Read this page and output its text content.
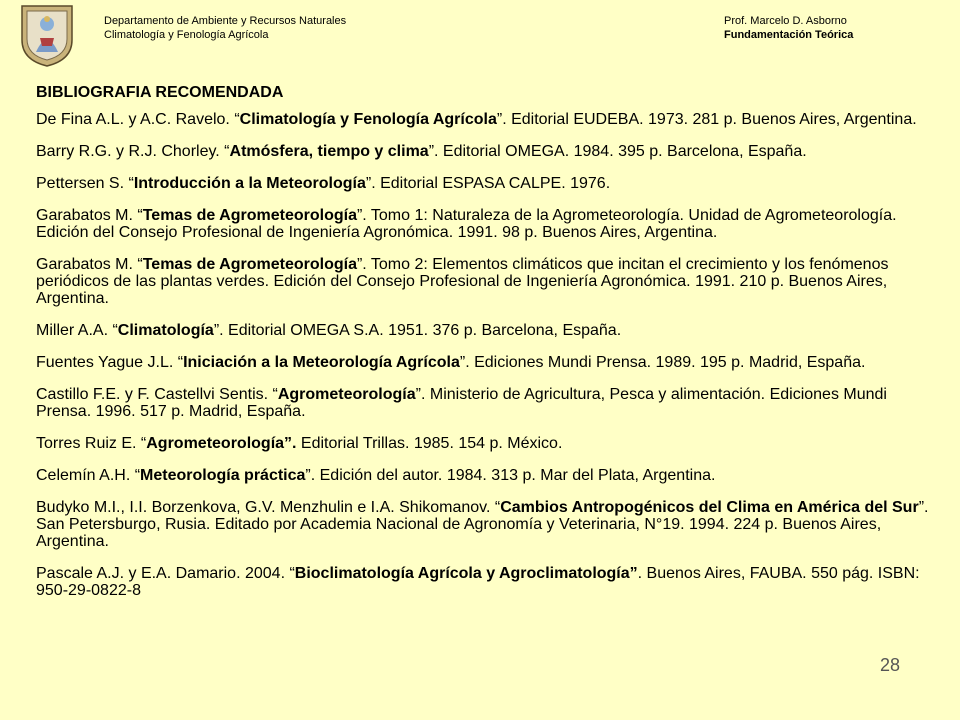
Departamento de Ambiente y Recursos Naturales
Climatología y Fenología Agrícola
Prof. Marcelo D. Asborno
Fundamentación Teórica
BIBLIOGRAFIA RECOMENDADA

De Fina A.L. y A.C. Ravelo. “Climatología y Fenología Agrícola”. Editorial EUDEBA. 1973. 281 p. Buenos Aires, Argentina.

Barry R.G. y R.J. Chorley. “Atmósfera, tiempo y clima”. Editorial OMEGA. 1984. 395 p. Barcelona, España.

Pettersen S. “Introducción a la Meteorología”. Editorial ESPASA CALPE. 1976.

Garabatos M. “Temas de Agrometeorología”. Tomo 1: Naturaleza de la Agrometeorología. Unidad de Agrometeorología. Edición del Consejo Profesional de Ingeniería Agronómica. 1991. 98 p. Buenos Aires, Argentina.

Garabatos M. “Temas de Agrometeorología”. Tomo 2: Elementos climáticos que incitan el crecimiento y los fenómenos periódicos de las plantas verdes. Edición del Consejo Profesional de Ingeniería Agronómica. 1991. 210 p. Buenos Aires, Argentina.

Miller A.A. “Climatología”. Editorial OMEGA S.A. 1951. 376 p. Barcelona, España.

Fuentes Yague J.L. “Iniciación a la Meteorología Agrícola”. Ediciones Mundi Prensa. 1989. 195 p. Madrid, España.

Castillo F.E. y F. Castellvi Sentis. “Agrometeorología”. Ministerio de Agricultura, Pesca y alimentación. Ediciones Mundi Prensa. 1996. 517 p. Madrid, España.

Torres Ruiz E. “Agrometeorología”. Editorial Trillas. 1985. 154 p. México.

Celemín A.H. “Meteorología práctica”. Edición del autor. 1984. 313 p. Mar del Plata, Argentina.

Budyko M.I., I.I. Borzenkova, G.V. Menzhulin e I.A. Shikomanov. “Cambios Antropogénicos del Clima en América del Sur”. San Petersburgo, Rusia. Editado por Academia Nacional de Agronomía y Veterinaria, N°19. 1994. 224 p. Buenos Aires, Argentina.

Pascale A.J. y E.A. Damario. 2004. “Bioclimatología Agrícola y Agroclimatología”. Buenos Aires, FAUBA. 550 pág. ISBN: 950-29-0822-8

28
